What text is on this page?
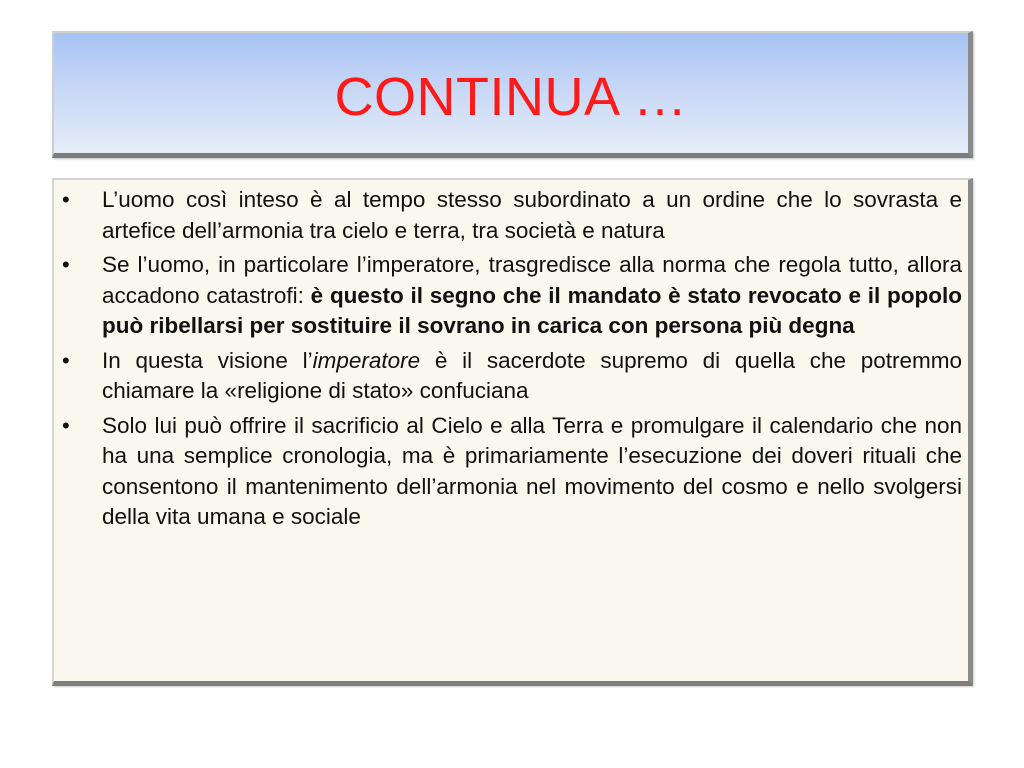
CONTINUA …
•	L’uomo così inteso è al tempo stesso subordinato a un ordine che lo sovrasta e artefice dell’armonia tra cielo e terra, tra società e natura
•	Se l’uomo, in particolare l’imperatore, trasgredisce alla norma che regola tutto, allora accadono catastrofi: è questo il segno che il mandato è stato revocato e il popolo può ribellarsi per sostituire il sovrano in carica con persona più degna
•	In questa visione l’imperatore è il sacerdote supremo di quella che potremmo chiamare la «religione di stato» confuciana
•	Solo lui può offrire il sacrificio al Cielo e alla Terra e promulgare il calendario che non ha una semplice cronologia, ma è primariamente l’esecuzione dei doveri rituali che consentono il mantenimento dell’armonia nel movimento del cosmo e nello svolgersi della vita umana e sociale
